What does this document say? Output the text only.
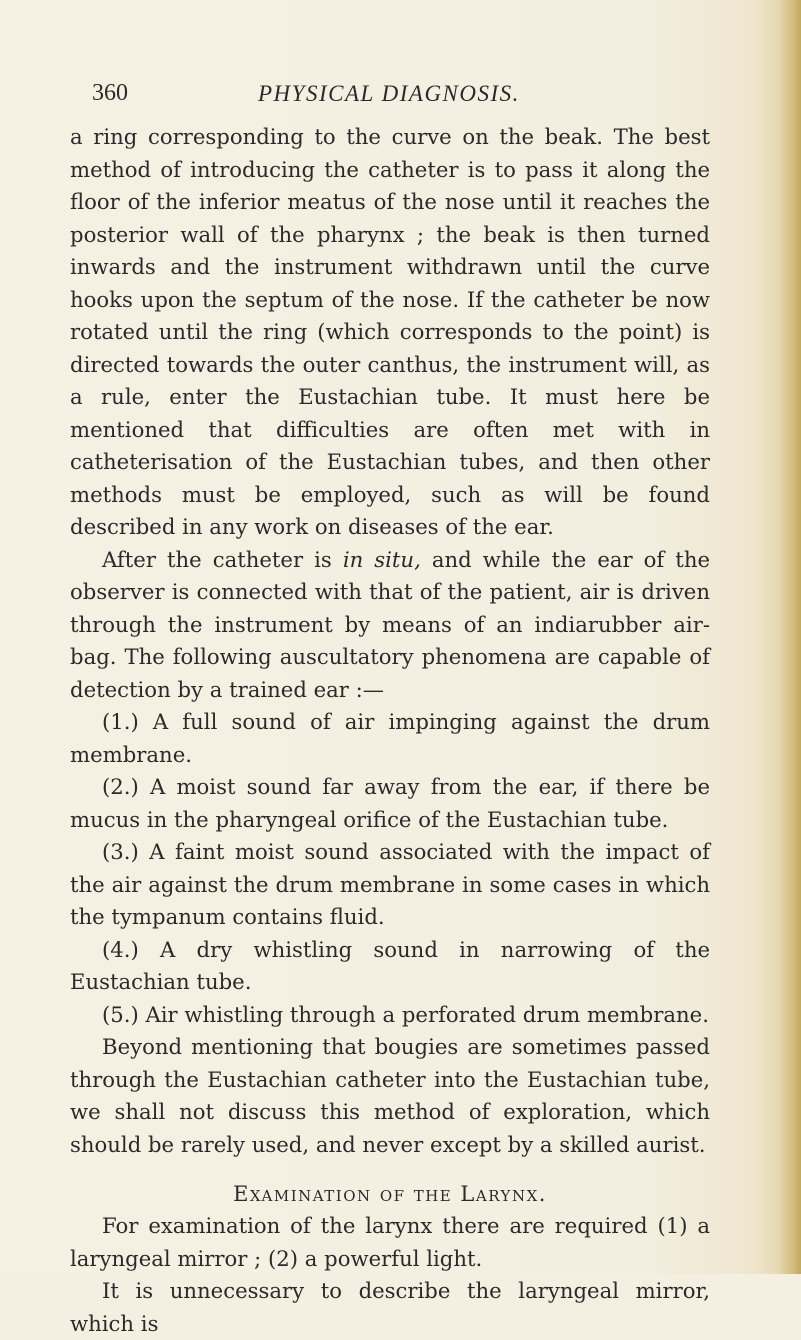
360	PHYSICAL DIAGNOSIS.

a ring corresponding to the curve on the beak. The best method of introducing the catheter is to pass it along the floor of the inferior meatus of the nose until it reaches the posterior wall of the pharynx ; the beak is then turned inwards and the instrument withdrawn until the curve hooks upon the septum of the nose. If the catheter be now rotated until the ring (which corresponds to the point) is directed towards the outer canthus, the instrument will, as a rule, enter the Eustachian tube. It must here be mentioned that difficulties are often met with in catheterisation of the Eustachian tubes, and then other methods must be employed, such as will be found described in any work on diseases of the ear.

After the catheter is in situ, and while the ear of the observer is connected with that of the patient, air is driven through the instrument by means of an indiarubber air-bag. The following auscultatory phenomena are capable of detection by a trained ear :—

(1.) A full sound of air impinging against the drum membrane.

(2.) A moist sound far away from the ear, if there be mucus in the pharyngeal orifice of the Eustachian tube.

(3.) A faint moist sound associated with the impact of the air against the drum membrane in some cases in which the tympanum contains fluid.

(4.) A dry whistling sound in narrowing of the Eustachian tube.

(5.) Air whistling through a perforated drum membrane.

Beyond mentioning that bougies are sometimes passed through the Eustachian catheter into the Eustachian tube, we shall not discuss this method of exploration, which should be rarely used, and never except by a skilled aurist.

Examination of the Larynx.

For examination of the larynx there are required (1) a laryngeal mirror ; (2) a powerful light.

It is unnecessary to describe the laryngeal mirror, which is
